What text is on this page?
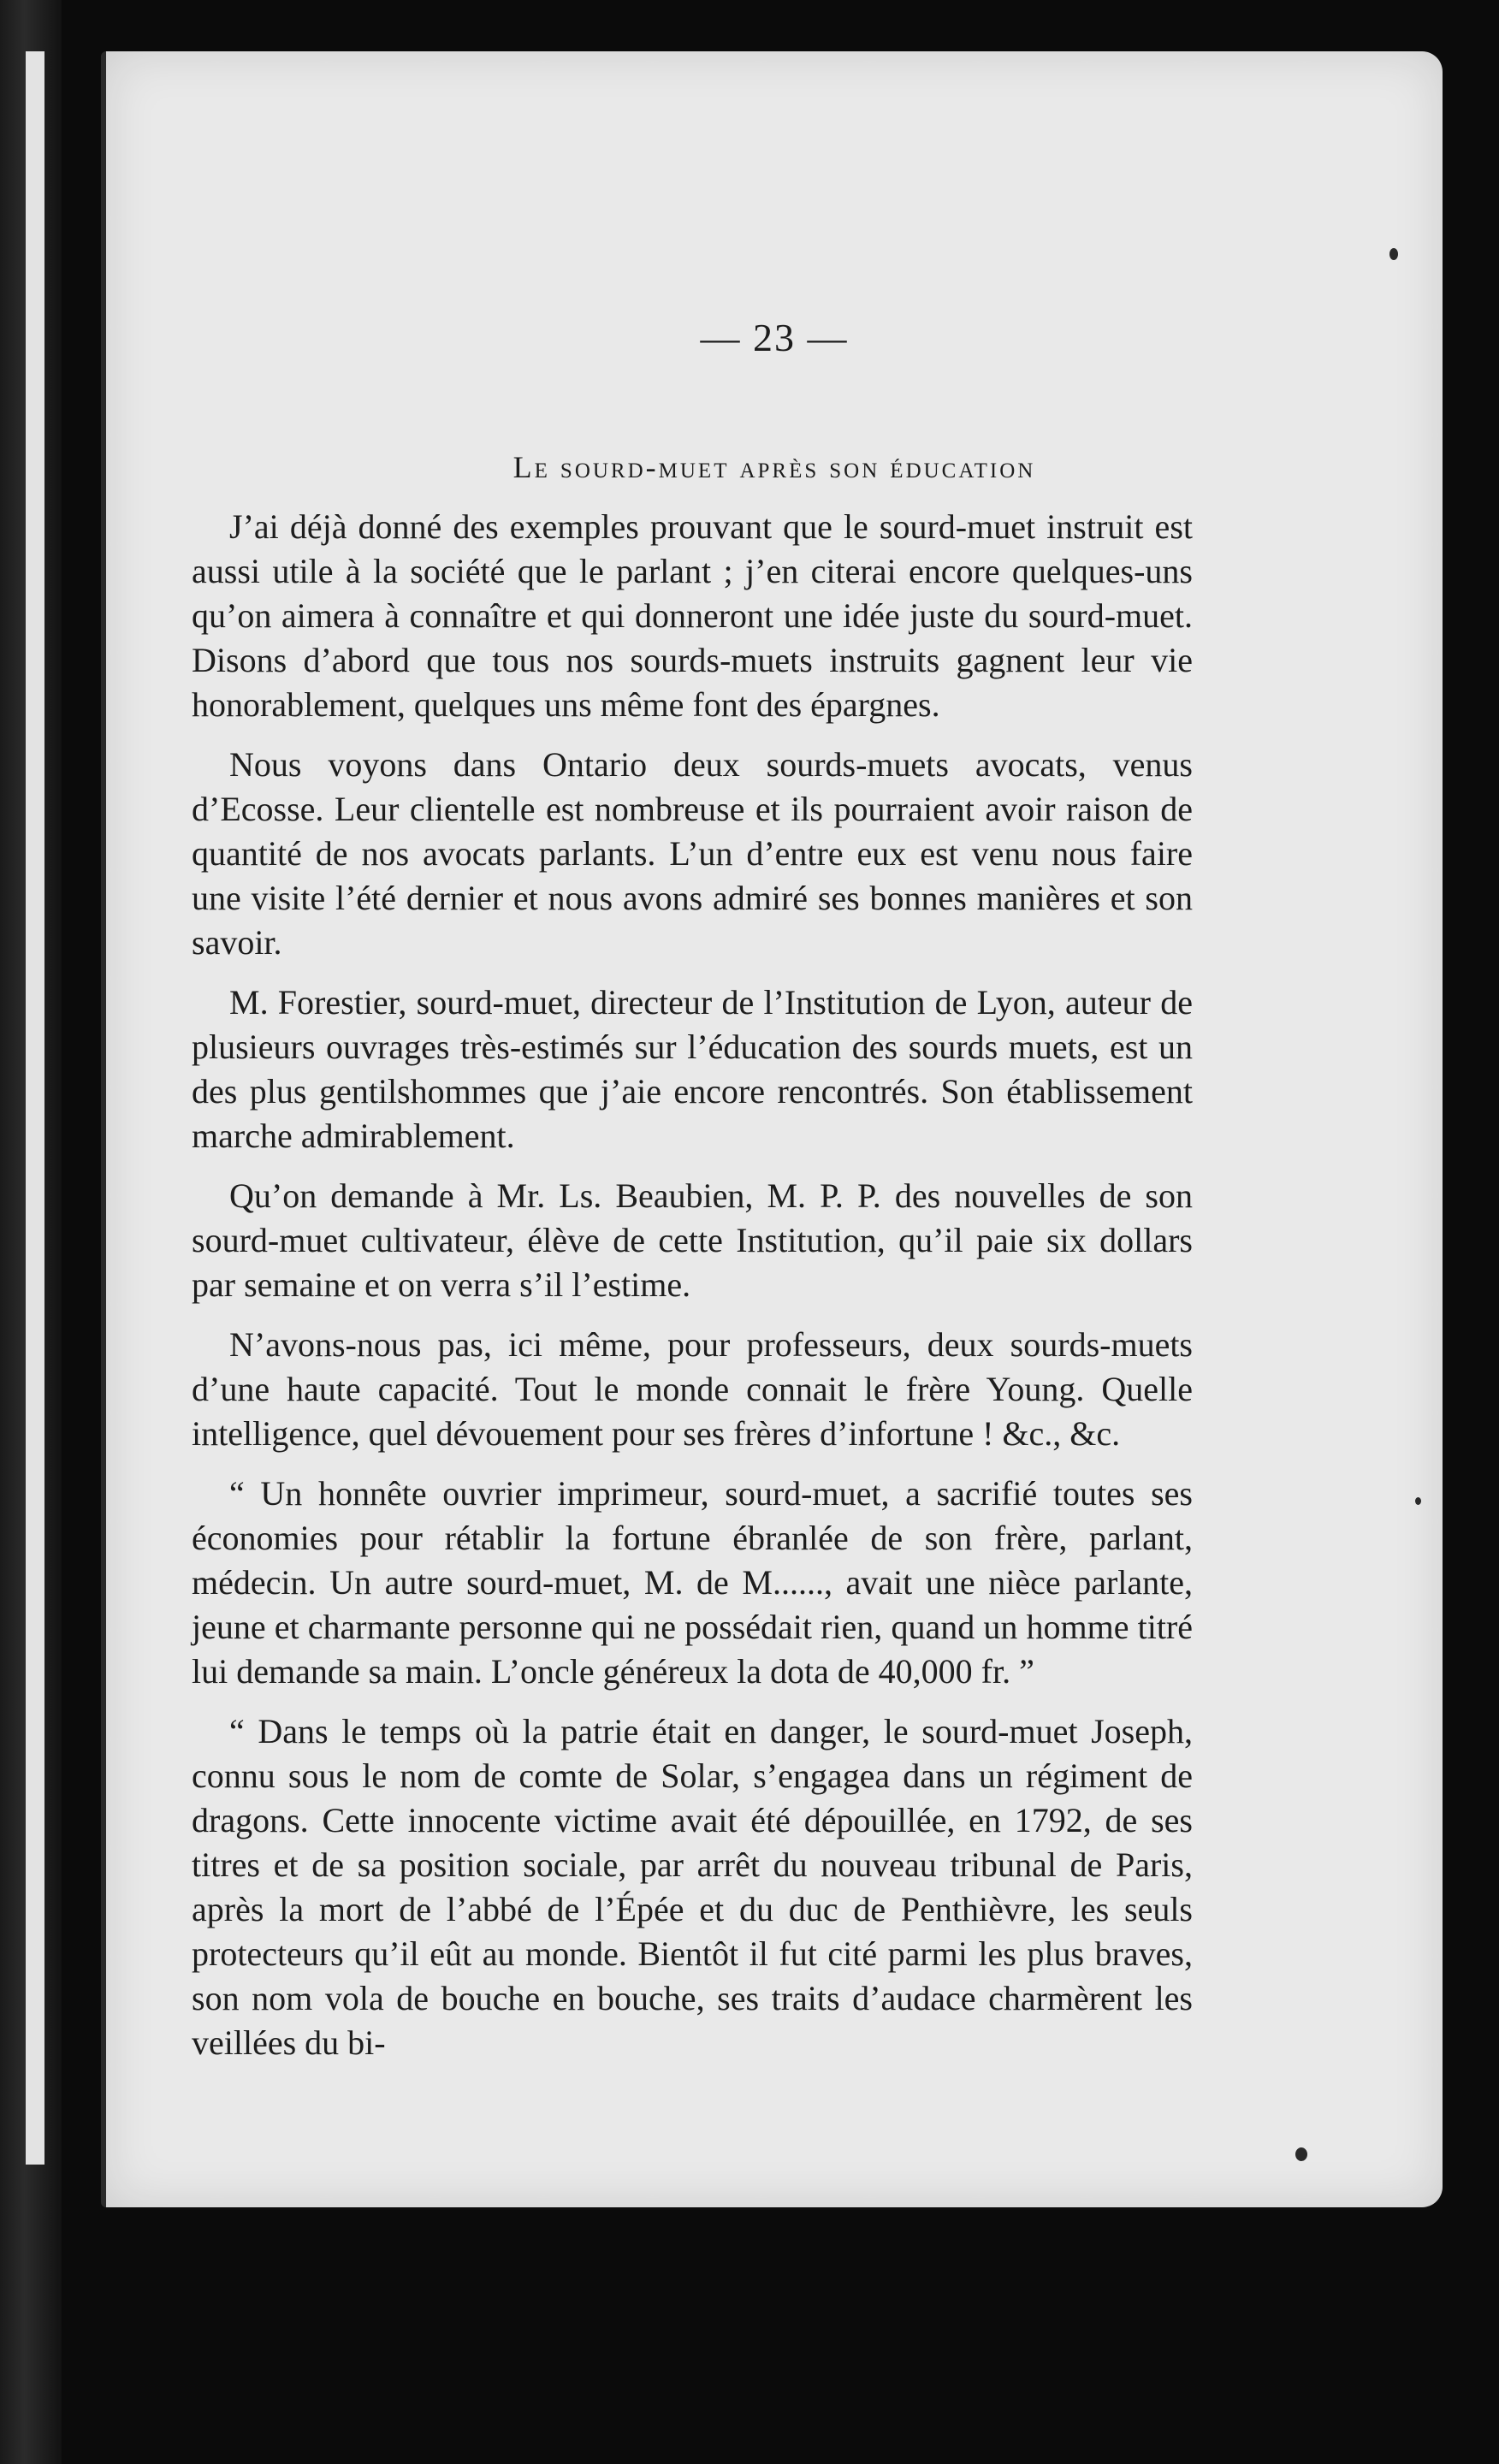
— 23 —
Le sourd-muet après son éducation

J’ai déjà donné des exemples prouvant que le sourd-muet instruit est aussi utile à la société que le parlant ; j’en citerai encore quelques-uns qu’on aimera à connaître et qui donneront une idée juste du sourd-muet. Disons d’abord que tous nos sourds-muets instruits gagnent leur vie honorablement, quelques uns même font des épargnes.

Nous voyons dans Ontario deux sourds-muets avocats, venus d’Ecosse. Leur clientelle est nombreuse et ils pourraient avoir raison de quantité de nos avocats parlants. L’un d’entre eux est venu nous faire une visite l’été dernier et nous avons admiré ses bonnes manières et son savoir.

M. Forestier, sourd-muet, directeur de l’Institution de Lyon, auteur de plusieurs ouvrages très-estimés sur l’éducation des sourds muets, est un des plus gentilshommes que j’aie encore rencontrés. Son établissement marche admirablement.

Qu’on demande à Mr. Ls. Beaubien, M. P. P. des nouvelles de son sourd-muet cultivateur, élève de cette Institution, qu’il paie six dollars par semaine et on verra s’il l’estime.

N’avons-nous pas, ici même, pour professeurs, deux sourds-muets d’une haute capacité. Tout le monde connait le frère Young. Quelle intelligence, quel dévouement pour ses frères d’infortune ! &c., &c.

“ Un honnête ouvrier imprimeur, sourd-muet, a sacrifié toutes ses économies pour rétablir la fortune ébranlée de son frère, parlant, médecin. Un autre sourd-muet, M. de M......, avait une nièce parlante, jeune et charmante personne qui ne possédait rien, quand un homme titré lui demande sa main. L’oncle généreux la dota de 40,000 fr. ”

“ Dans le temps où la patrie était en danger, le sourd-muet Joseph, connu sous le nom de comte de Solar, s’engagea dans un régiment de dragons. Cette innocente victime avait été dépouillée, en 1792, de ses titres et de sa position sociale, par arrêt du nouveau tribunal de Paris, après la mort de l’abbé de l’Épée et du duc de Penthièvre, les seuls protecteurs qu’il eût au monde. Bientôt il fut cité parmi les plus braves, son nom vola de bouche en bouche, ses traits d’audace charmèrent les veillées du bi-
